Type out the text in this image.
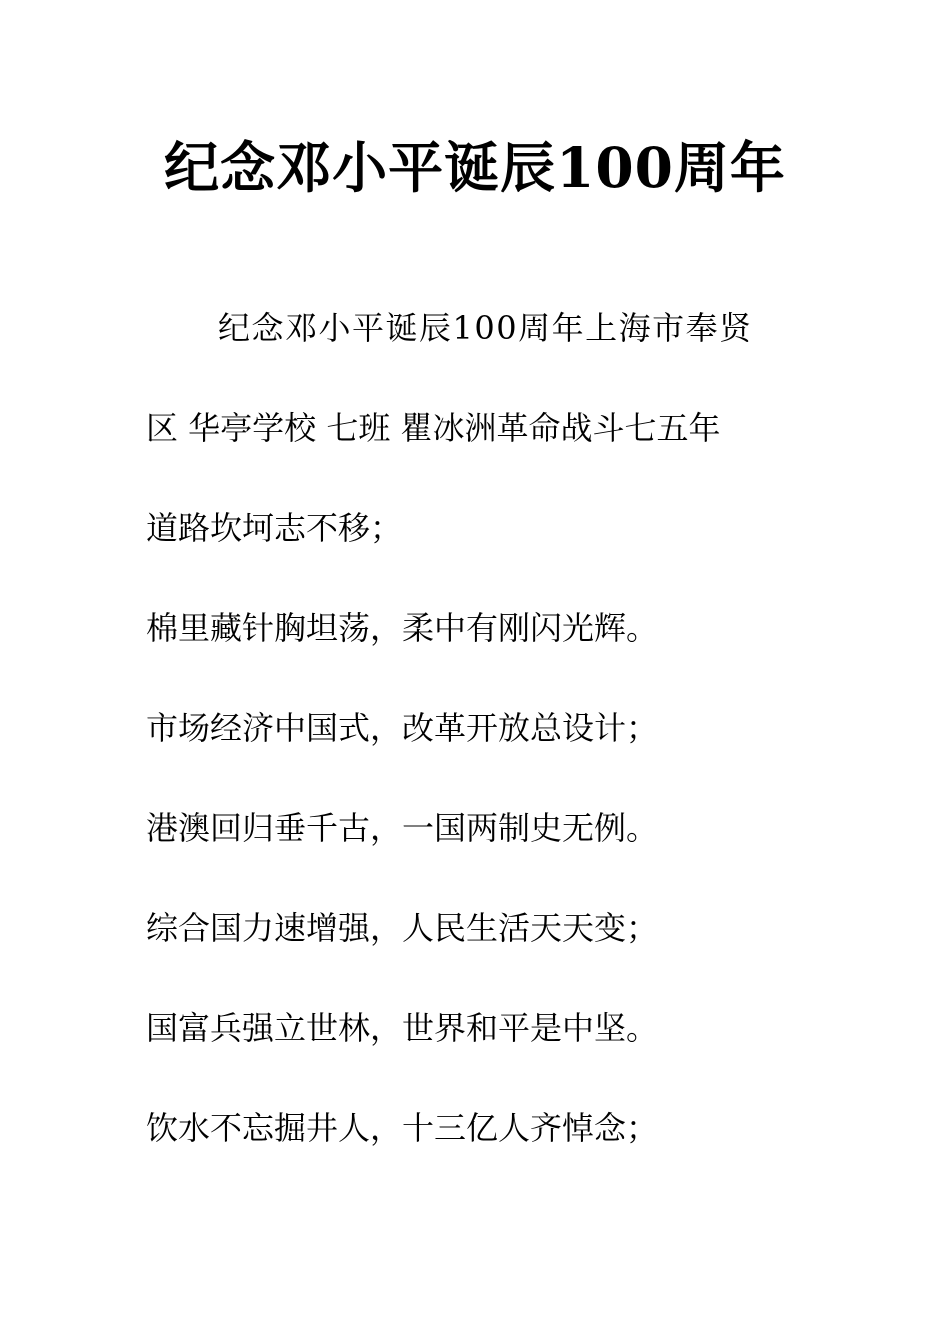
纪念邓小平诞辰100周年
纪念邓小平诞辰100周年上海市奉贤
区 华亭学校 七班 瞿冰洲革命战斗七五年
道路坎坷志不移；
棉里藏针胸坦荡，柔中有刚闪光辉。
市场经济中国式，改革开放总设计；
港澳回归垂千古，一国两制史无例。
综合国力速增强，人民生活天天变；
国富兵强立世林，世界和平是中坚。
饮水不忘掘井人，十三亿人齐悼念；
